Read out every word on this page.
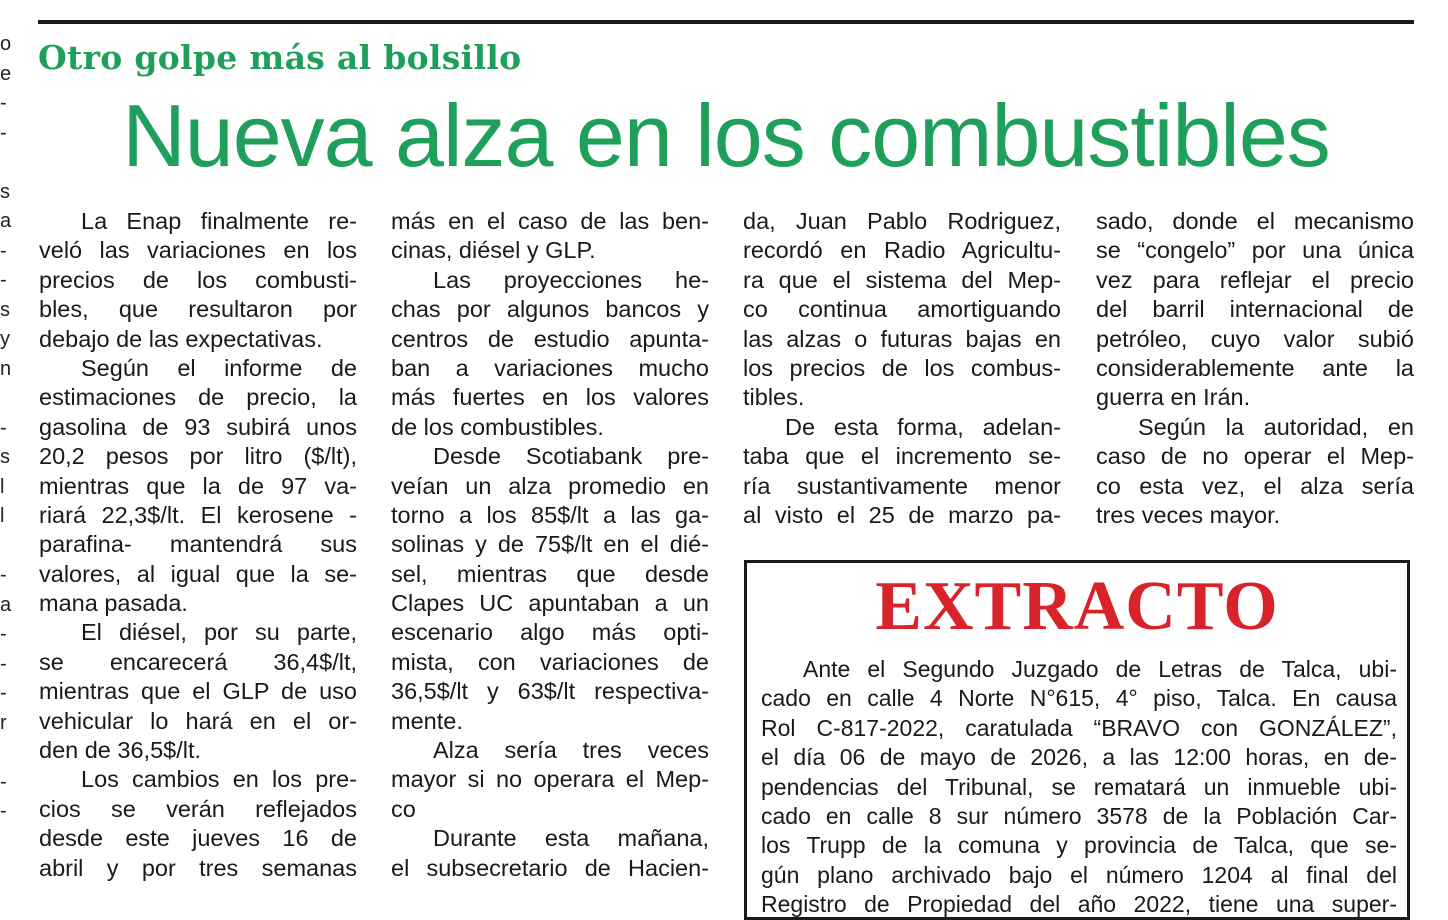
o
e
-
-

s
a
-
-
s
y
n

-
s
l
l

-
a
-
-
-
r

-
-
Otro golpe más al bolsillo
Nueva alza en los combustibles
La Enap finalmente re-
veló las variaciones en los
precios de los combusti-
bles, que resultaron por
debajo de las expectativas.
Según el informe de
estimaciones de precio, la
gasolina de 93 subirá unos
20,2 pesos por litro ($/lt),
mientras que la de 97 va-
riará 22,3$/lt. El kerosene -
parafina- mantendrá sus
valores, al igual que la se-
mana pasada.
El diésel, por su parte,
se encarecerá 36,4$/lt,
mientras que el GLP de uso
vehicular lo hará en el or-
den de 36,5$/lt.
Los cambios en los pre-
cios se verán reflejados
desde este jueves 16 de
abril y por tres semanas
más en el caso de las ben-
cinas, diésel y GLP.
Las proyecciones he-
chas por algunos bancos y
centros de estudio apunta-
ban a variaciones mucho
más fuertes en los valores
de los combustibles.
Desde Scotiabank pre-
veían un alza promedio en
torno a los 85$/lt a las ga-
solinas y de 75$/lt en el dié-
sel, mientras que desde
Clapes UC apuntaban a un
escenario algo más opti-
mista, con variaciones de
36,5$/lt y 63$/lt respectiva-
mente.
Alza sería tres veces
mayor si no operara el Mep-
co
Durante esta mañana,
el subsecretario de Hacien-
da, Juan Pablo Rodriguez,
recordó en Radio Agricultu-
ra que el sistema del Mep-
co continua amortiguando
las alzas o futuras bajas en
los precios de los combus-
tibles.
De esta forma, adelan-
taba que el incremento se-
ría sustantivamente menor
al visto el 25 de marzo pa-
sado, donde el mecanismo
se “congelo” por una única
vez para reflejar el precio
del barril internacional de
petróleo, cuyo valor subió
considerablemente ante la
guerra en Irán.
Según la autoridad, en
caso de no operar el Mep-
co esta vez, el alza sería
tres veces mayor.
EXTRACTO
Ante el Segundo Juzgado de Letras de Talca, ubi-
cado en calle 4 Norte N°615, 4° piso, Talca. En causa
Rol C-817-2022, caratulada “BRAVO con GONZÁLEZ”,
el día 06 de mayo de 2026, a las 12:00 horas, en de-
pendencias del Tribunal, se rematará un inmueble ubi-
cado en calle 8 sur número 3578 de la Población Car-
los Trupp de la comuna y provincia de Talca, que se-
gún plano archivado bajo el número 1204 al final del
Registro de Propiedad del año 2022, tiene una super-
